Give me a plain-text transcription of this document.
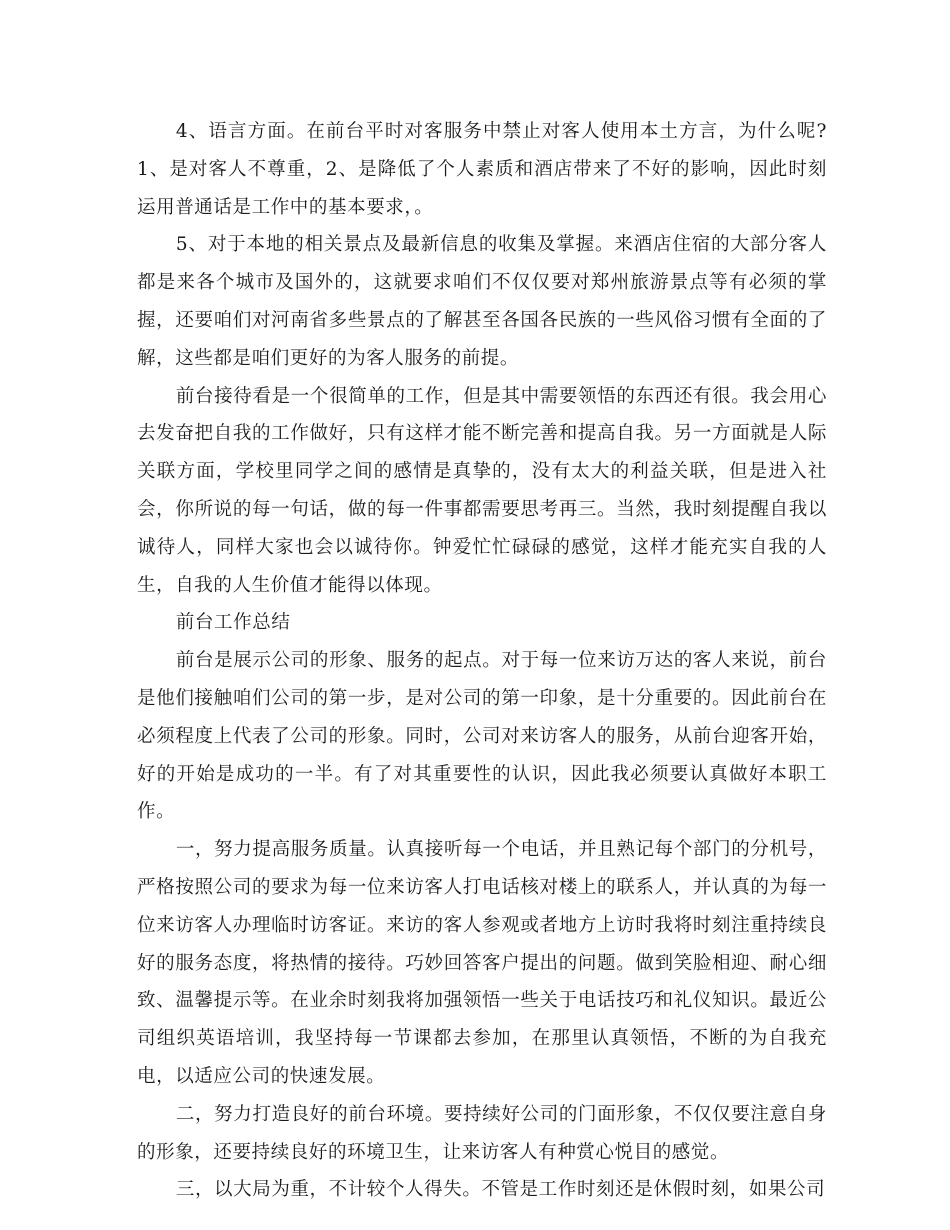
4、语言方面。在前台平时对客服务中禁止对客人使用本土方言，为什么呢?1、是对客人不尊重，2、是降低了个人素质和酒店带来了不好的影响，因此时刻运用普通话是工作中的基本要求，。

5、对于本地的相关景点及最新信息的收集及掌握。来酒店住宿的大部分客人都是来各个城市及国外的，这就要求咱们不仅仅要对郑州旅游景点等有必须的掌握，还要咱们对河南省多些景点的了解甚至各国各民族的一些风俗习惯有全面的了解，这些都是咱们更好的为客人服务的前提。

前台接待看是一个很简单的工作，但是其中需要领悟的东西还有很。我会用心去发奋把自我的工作做好，只有这样才能不断完善和提高自我。另一方面就是人际关联方面，学校里同学之间的感情是真挚的，没有太大的利益关联，但是进入社会，你所说的每一句话，做的每一件事都需要思考再三。当然，我时刻提醒自我以诚待人，同样大家也会以诚待你。钟爱忙忙碌碌的感觉，这样才能充实自我的人生，自我的人生价值才能得以体现。

前台工作总结

前台是展示公司的形象、服务的起点。对于每一位来访万达的客人来说，前台是他们接触咱们公司的第一步，是对公司的第一印象，是十分重要的。因此前台在必须程度上代表了公司的形象。同时，公司对来访客人的服务，从前台迎客开始，好的开始是成功的一半。有了对其重要性的认识，因此我必须要认真做好本职工作。

一，努力提高服务质量。认真接听每一个电话，并且熟记每个部门的分机号，严格按照公司的要求为每一位来访客人打电话核对楼上的联系人，并认真的为每一位来访客人办理临时访客证。来访的客人参观或者地方上访时我将时刻注重持续良好的服务态度，将热情的接待。巧妙回答客户提出的问题。做到笑脸相迎、耐心细致、温馨提示等。在业余时刻我将加强领悟一些关于电话技巧和礼仪知识。最近公司组织英语培训，我坚持每一节课都去参加，在那里认真领悟，不断的为自我充电，以适应公司的快速发展。

二，努力打造良好的前台环境。要持续好公司的门面形象，不仅仅要注意自身的形象，还要持续良好的环境卫生，让来访客人有种赏心悦目的感觉。

三，以大局为重，不计较个人得失。不管是工作时刻还是休假时刻，如果公司
